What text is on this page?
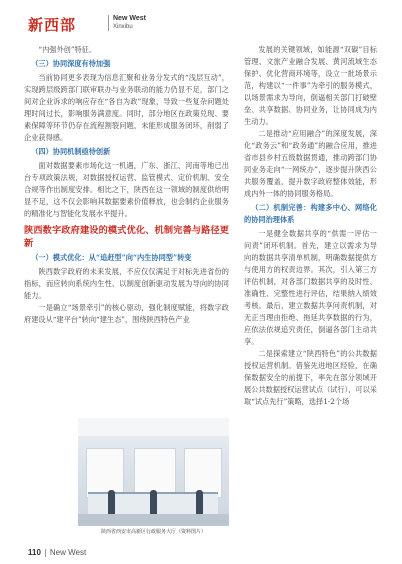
新西部	New West
Xinxibu

“内强外创”特征。

（三）协同深度有待加强

当前协同更多表现为信息汇聚和业务分发式的“浅层互动”，实现跨层级跨部门联审联办与业务联动的能力仍显不足，部门之间对企业诉求的响应存在“各自为政”现象，导致一些复杂问题处理时间过长，影响服务满意度。同时，部分地区在政策兑现、要素保障等环节仍存在流程割裂问题，未能形成服务闭环，削弱了企业获得感。

（四）协同机制亟待创新

面对数据要素市场化这一机遇，广东、浙江、河南等地已出台专项政策法规，对数据授权运营、监管模式、定价机制、安全合规等作出制度安排。相比之下，陕西在这一领域的制度供给明显不足，这不仅会影响其数据要素价值释放，也会制约企业服务的精准化与智能化发展水平提升。

陕西数字政府建设的模式优化、机制完善与路径更新

（一）模式优化：从“追赶型”向“内生协同型”转变

陕西数字政府的未来发展，不应仅仅满足于对标先进省份的指标，而应转向系统内生性、以制度创新驱动发展为导向的协同能力。

一是确立“场景牵引”的核心驱动，强化制度赋能，将数字政府建设从“建平台”转向“建生态”，围绕陕西特色产业

陕西省西安市高新区行政服务大厅（资料图片）

发展的关键领域，如能源“双碳”目标管理、文旅产业融合发展、黄河流域生态保护、优化营商环境等，设立一批场景示范，构建以“一件事”为牵引的服务模式，以场景需求为导向，倒逼相关部门打破壁垒、共享数据、协同业务，让协同成为内生动力。

二是推动“应用融合”的深度发展，深化“政务云”和“政务通”的融合应用，推进省市县乡村五级数据贯通，推动跨部门协同业务走向“一网统办”，逐步提升陕西公共服务覆盖，提升数字政府整体效能，形成内外一体的协同服务格局。

（二）机制完善：构建多中心、网络化的协同治理体系

一是健全数据共享的“供需一评估一问责”闭环机制。首先，建立以需求为导向的数据共享清单机制，明确数据提供方与使用方的权责边界。其次，引入第三方评估机制，对各部门数据共享的及时性、准确性、完整性进行评估，结果纳入绩效考核。最后，建立数据共享问责机制，对无正当理由拒绝、拖延共享数据的行为，应依法依规追究责任，倒逼各部门主动共享。

二是探索建立“陕西特色”的公共数据授权运营机制。借鉴先进地区经验，在确保数据安全的前提下，率先在部分领域开展公共数据授权运营试点（试行），可以采取“试点先行”策略，选择1-2个场

110 New West
